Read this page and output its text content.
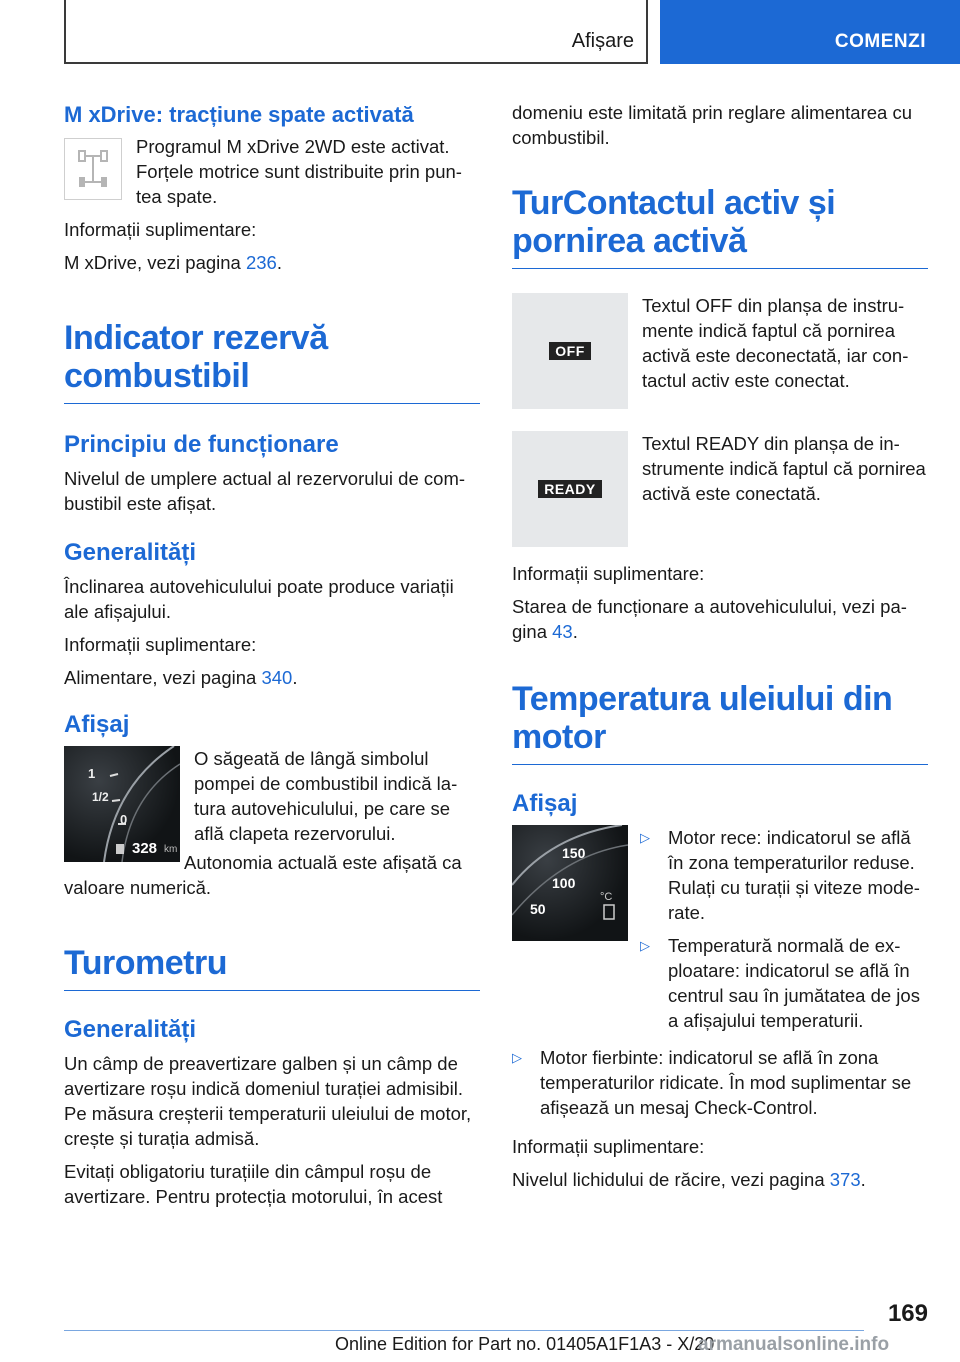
Afișare	COMENZI
M xDrive: tracțiune spate activată
Programul M xDrive 2WD este activat. Forțele motrice sunt distribuite prin puntea spate.
Informații suplimentare:
M xDrive, vezi pagina 236.
Indicator rezervă combustibil
Principiu de funcționare
Nivelul de umplere actual al rezervorului de combustibil este afișat.
Generalități
Înclinarea autovehiculului poate produce variații ale afișajului.
Informații suplimentare:
Alimentare, vezi pagina 340.
Afișaj
1
1/2
0
328 km
O săgeată de lângă simbolul pompei de combustibil indică latura autovehiculului, pe care se află clapeta rezervorului.
Autonomia actuală este afișată ca valoare numerică.
Turometru
Generalități
Un câmp de preavertizare galben și un câmp de avertizare roșu indică domeniul turației admisibil. Pe măsura creșterii temperaturii uleiului de motor, crește și turația admisă.
Evitați obligatoriu turațiile din câmpul roșu de avertizare. Pentru protecția motorului, în acest
domeniu este limitată prin reglare alimentarea cu combustibil.
TurContactul activ și pornirea activă
OFF
Textul OFF din planșa de instrumente indică faptul că pornirea activă este deconectată, iar contactul activ este conectat.
READY
Textul READY din planșa de instrumente indică faptul că pornirea activă este conectată.
Informații suplimentare:
Starea de funcționare a autovehiculului, vezi pagina 43.
Temperatura uleiului din motor
Afișaj
150
100
50
°C
▷ Motor rece: indicatorul se află în zona temperaturilor reduse. Rulați cu turații și viteze moderate.
▷ Temperatură normală de exploatare: indicatorul se află în centrul sau în jumătatea de jos a afișajului temperaturii.
▷ Motor fierbinte: indicatorul se află în zona temperaturilor ridicate. În mod suplimentar se afișează un mesaj Check-Control.
Informații suplimentare:
Nivelul lichidului de răcire, vezi pagina 373.
169
Online Edition for Part no. 01405A1F1A3 - X/20
armanualsonline.info
